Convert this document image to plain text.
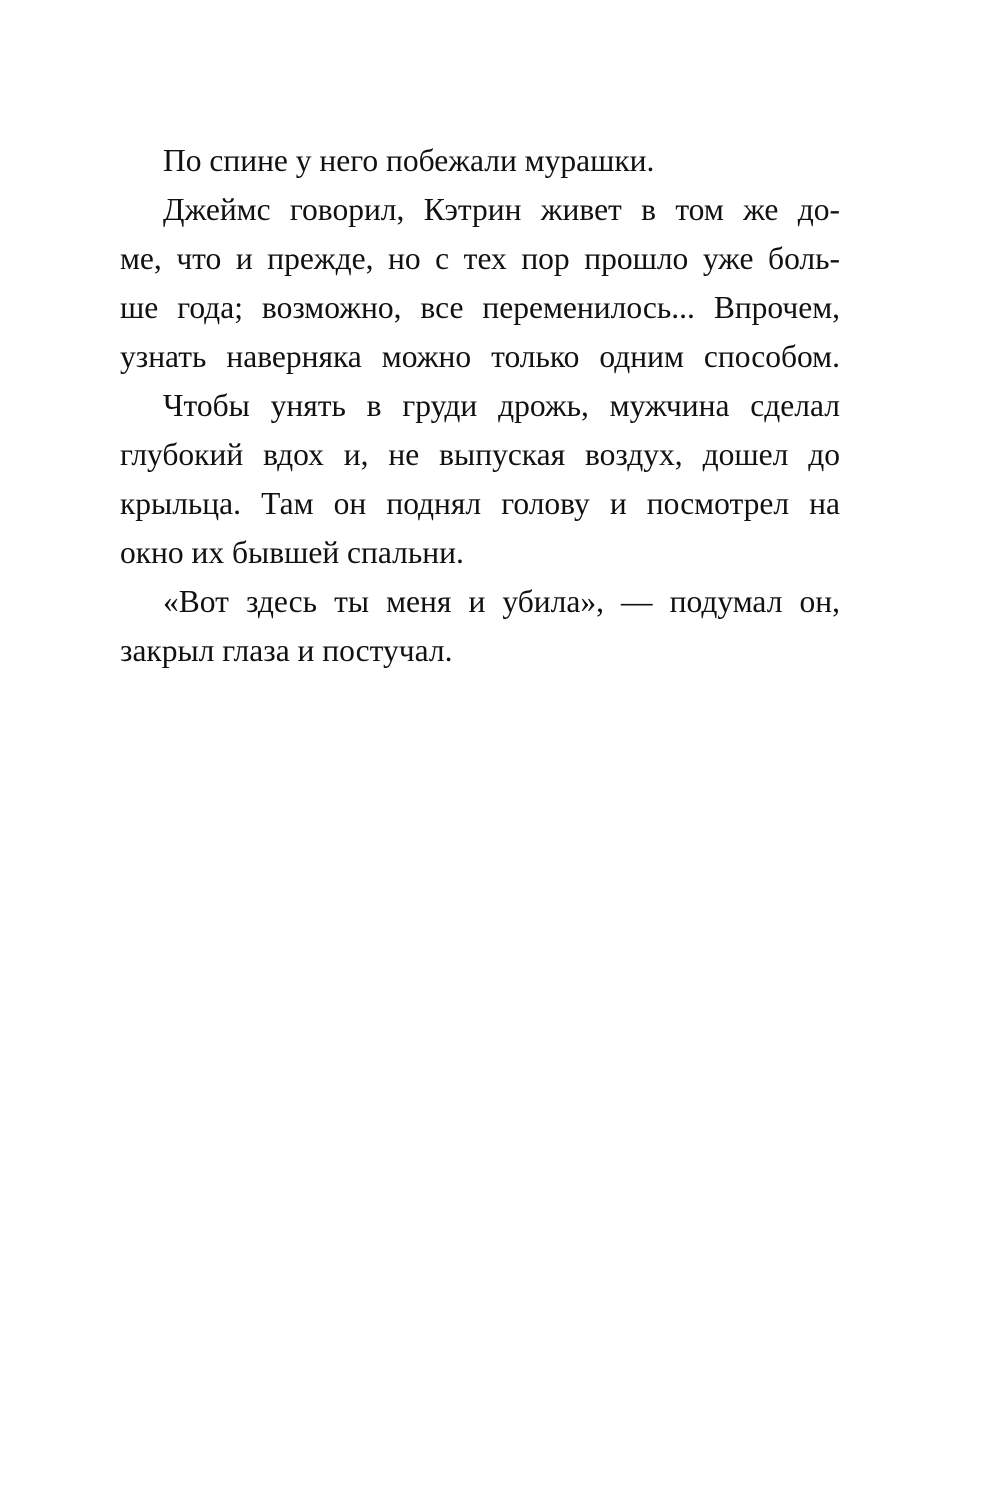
По спине у него побежали мурашки.
Джеймс говорил, Кэтрин живет в том же до-
ме, что и прежде, но с тех пор прошло уже боль-
ше года; возможно, все переменилось... Впрочем,
узнать наверняка можно только одним способом.
Чтобы унять в груди дрожь, мужчина сделал
глубокий вдох и, не выпуская воздух, дошел до
крыльца. Там он поднял голову и посмотрел на
окно их бывшей спальни.
«Вот здесь ты меня и убила», — подумал он,
закрыл глаза и постучал.
